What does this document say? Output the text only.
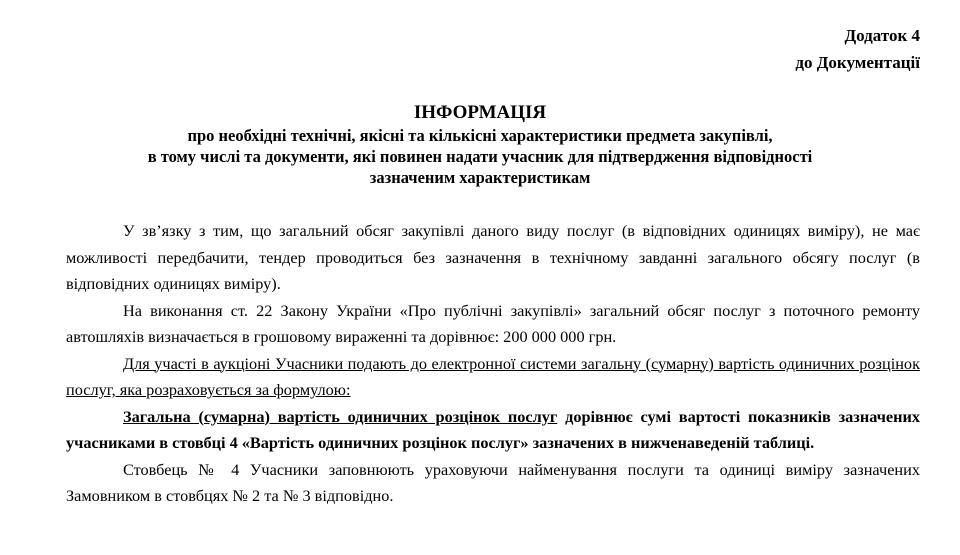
Додаток 4
до Документації
ІНФОРМАЦІЯ
про необхідні технічні, якісні та кількісні характеристики предмета закупівлі,
в тому числі та документи, які повинен надати учасник для підтвердження відповідності
зазначеним характеристикам

У зв’язку з тим, що загальний обсяг закупівлі даного виду послуг (в відповідних одиницях виміру), не має можливості передбачити, тендер проводиться без зазначення в технічному завданні загального обсягу послуг (в відповідних одиницях виміру).

На виконання ст. 22 Закону України «Про публічні закупівлі» загальний обсяг послуг з поточного ремонту автошляхів визначається в грошовому вираженні та дорівнює: 200 000 000 грн.

Для участі в аукціоні Учасники подають до електронної системи загальну (сумарну) вартість одиничних розцінок послуг, яка розраховується за формулою:

Загальна (сумарна) вартість одиничних розцінок послуг дорівнює сумі вартості показників зазначених учасниками в стовбці 4 «Вартість одиничних розцінок послуг» зазначених в нижченаведеній таблиці.

Стовбець № 4 Учасники заповнюють ураховуючи найменування послуги та одиниці виміру зазначених Замовником в стовбцях № 2 та № 3 відповідно.
